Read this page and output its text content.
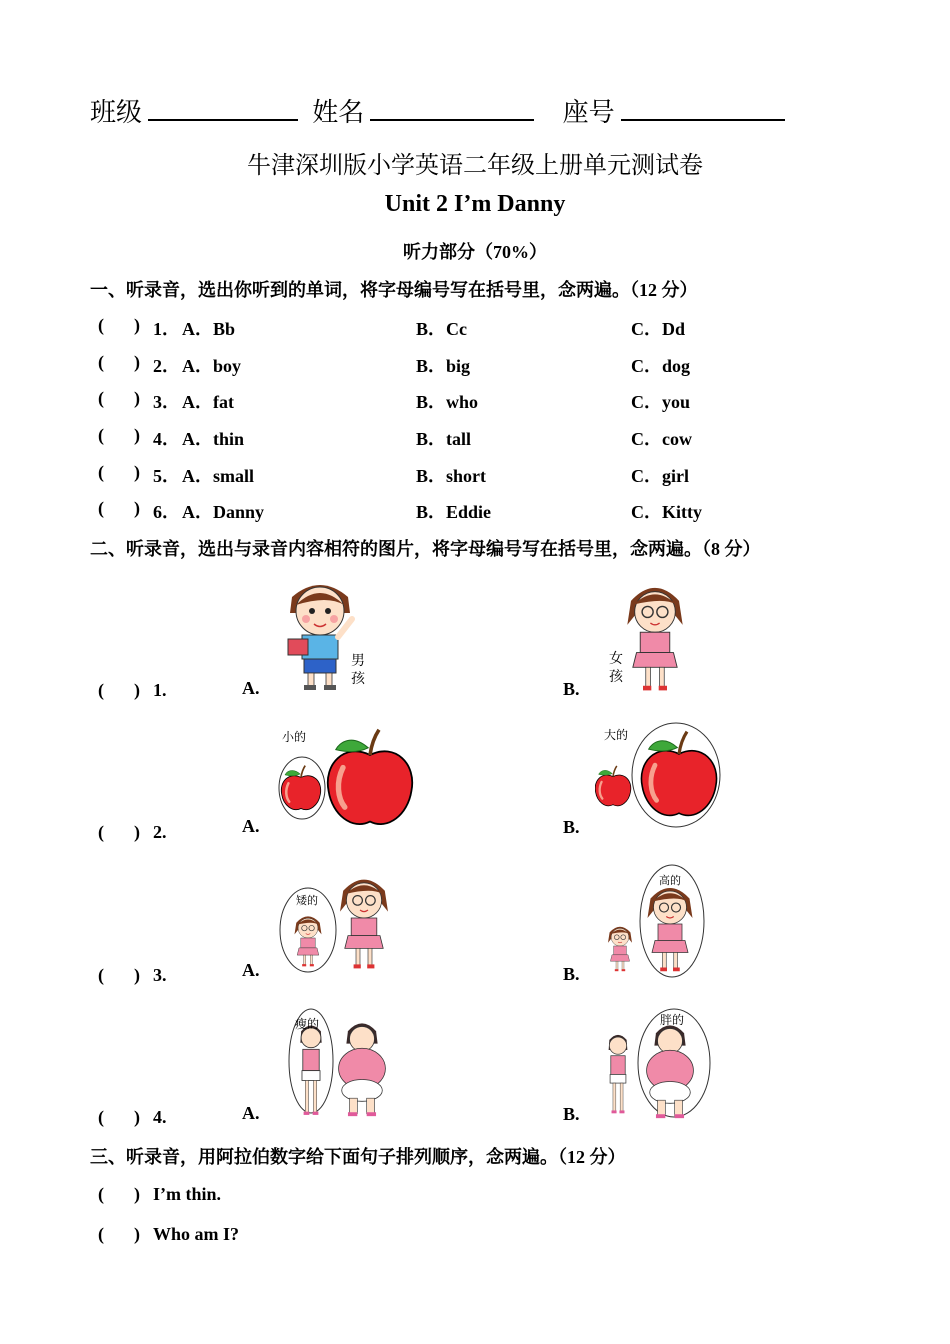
班级	姓名	座号
牛津深圳版小学英语二年级上册单元测试卷
Unit 2 I’m Danny
听力部分（70%）
一、听录音，选出你听到的单词，将字母编号写在括号里，念两遍。（12 分）
( ) 1． A．Bb	B．Cc	C．Dd
( ) 2． A．boy	B．big	C．dog
( ) 3． A．fat	B．who	C．you
( ) 4． A．thin	B．tall	C．cow
( ) 5． A．small	B．short	C．girl
( ) 6． A．Danny	B．Eddie	C．Kitty
二、听录音，选出与录音内容相符的图片，将字母编号写在括号里，念两遍。（8 分）
( ) 1.	A.	B.
男孩
女孩
( ) 2.	A.	B.
小的	大的
( ) 3.	A.	B.
矮的
高的
( ) 4.	A.	B.
瘦的	胖的
三、听录音，用阿拉伯数字给下面句子排列顺序，念两遍。（12 分）
( ) I’m thin.
( ) Who am I?
